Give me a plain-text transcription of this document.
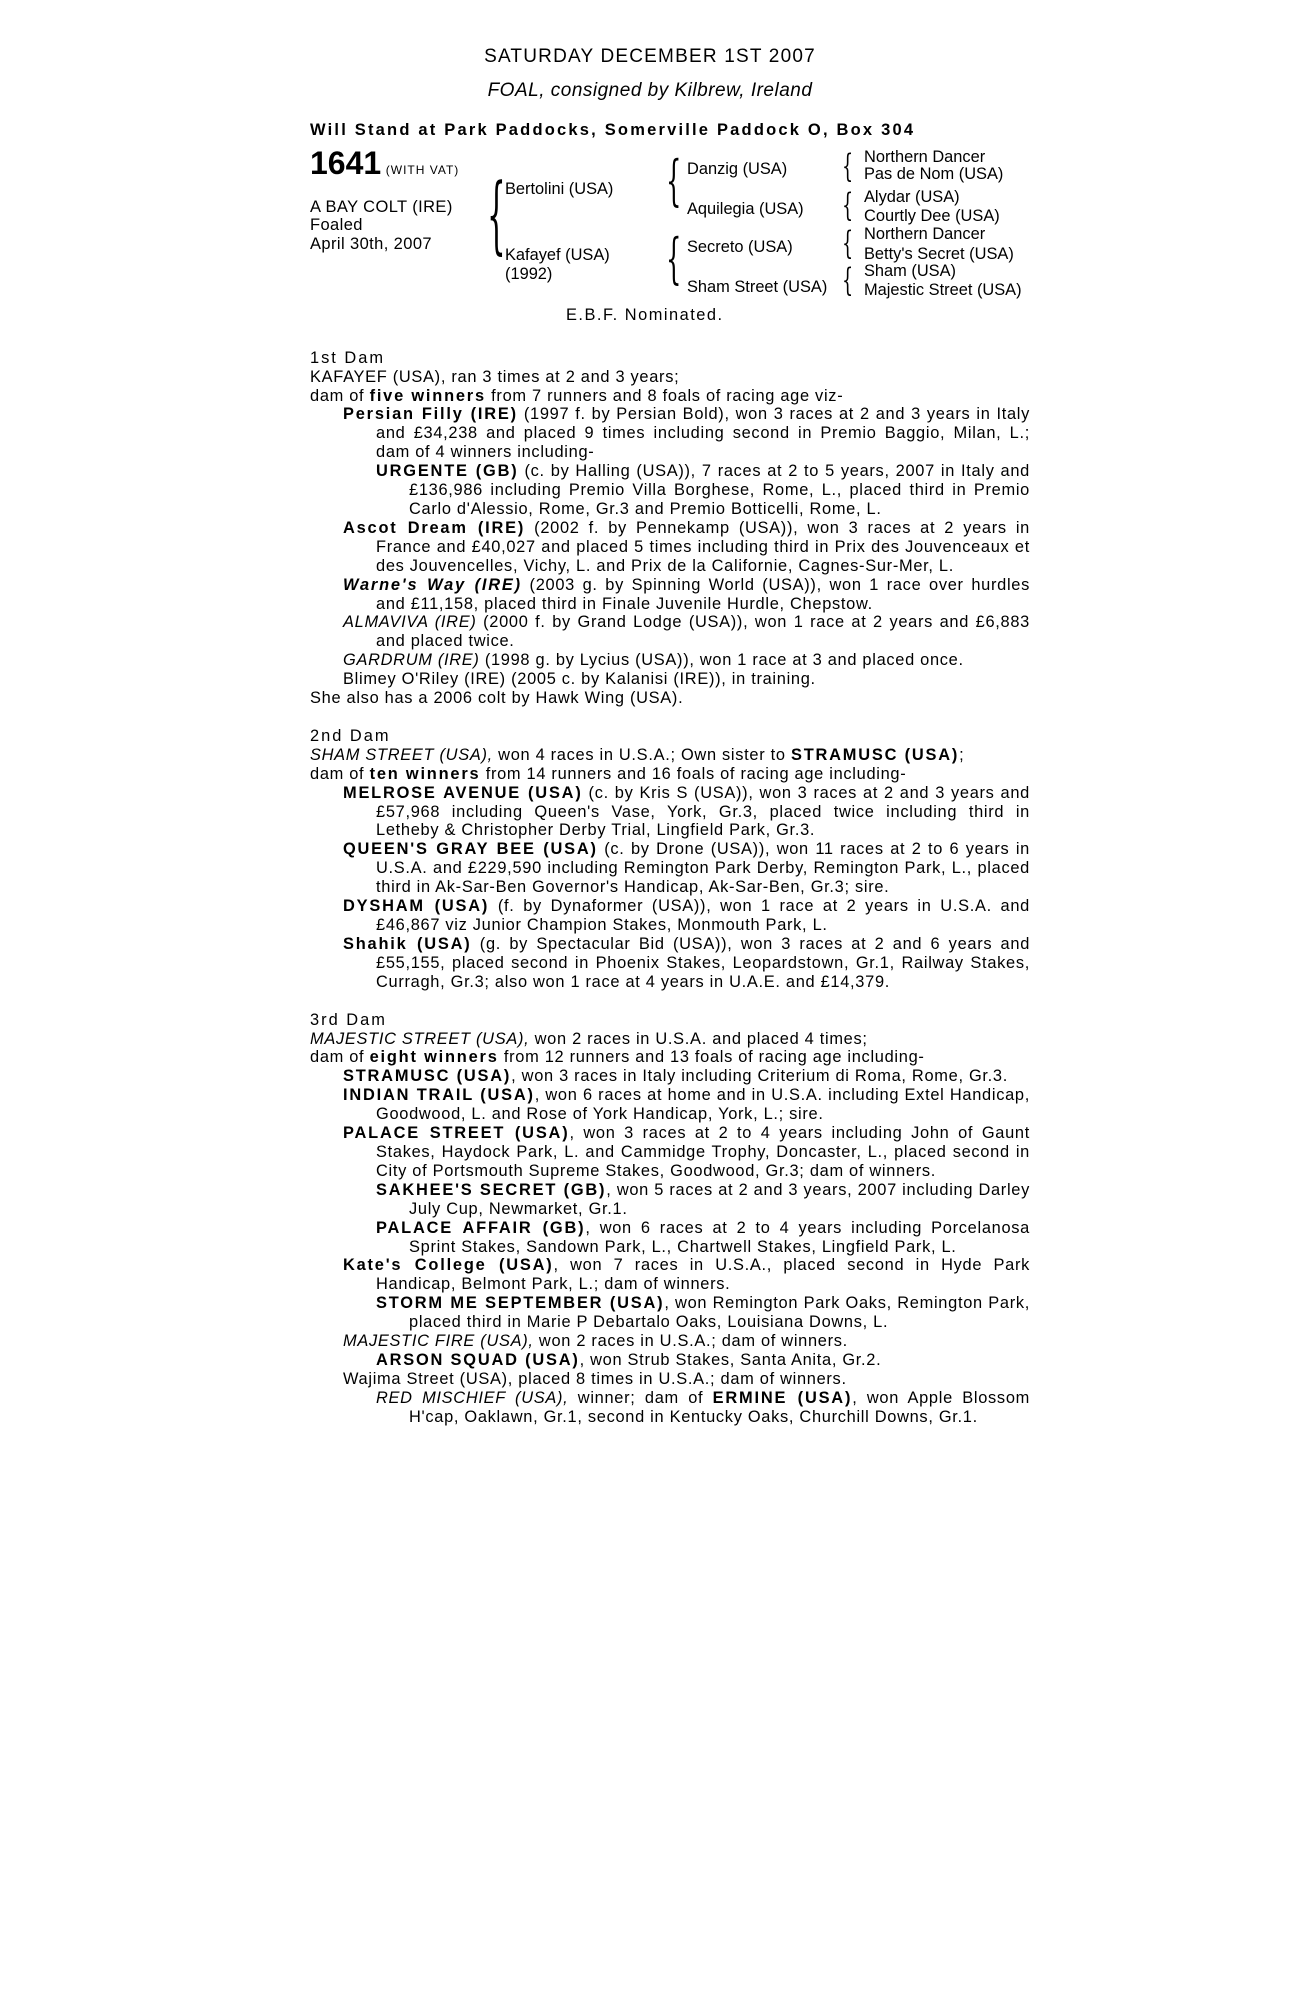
SATURDAY DECEMBER 1ST 2007
FOAL, consigned by Kilbrew, Ireland
Will Stand at Park Paddocks, Somerville Paddock O, Box 304
1641 (WITH VAT)
A BAY COLT (IRE)
Foaled
April 30th, 2007 { Bertolini (USA)
Kafayef (USA)
(1992)
{ Danzig (USA)
Aquilegia (USA)
{ Secreto (USA)
Sham Street (USA)
{ Northern Dancer
Pas de Nom (USA)
{ Alydar (USA)
Courtly Dee (USA)
{ Northern Dancer
Betty's Secret (USA)
{ Sham (USA)
Majestic Street (USA)
E.B.F. Nominated.

1st Dam

KAFAYEF (USA), ran 3 times at 2 and 3 years;

dam of five winners from 7 runners and 8 foals of racing age viz-

Persian Filly (IRE) (1997 f. by Persian Bold), won 3 races at 2 and 3 years in Italy and £34,238 and placed 9 times including second in Premio Baggio, Milan, L.; dam of 4 winners including-

URGENTE (GB) (c. by Halling (USA)), 7 races at 2 to 5 years, 2007 in Italy and £136,986 including Premio Villa Borghese, Rome, L., placed third in Premio Carlo d'Alessio, Rome, Gr.3 and Premio Botticelli, Rome, L.

Ascot Dream (IRE) (2002 f. by Pennekamp (USA)), won 3 races at 2 years in France and £40,027 and placed 5 times including third in Prix des Jouvenceaux et des Jouvencelles, Vichy, L. and Prix de la Californie, Cagnes-Sur-Mer, L.

Warne's Way (IRE) (2003 g. by Spinning World (USA)), won 1 race over hurdles and £11,158, placed third in Finale Juvenile Hurdle, Chepstow.

ALMAVIVA (IRE) (2000 f. by Grand Lodge (USA)), won 1 race at 2 years and £6,883 and placed twice.

GARDRUM (IRE) (1998 g. by Lycius (USA)), won 1 race at 3 and placed once.

Blimey O'Riley (IRE) (2005 c. by Kalanisi (IRE)), in training.

She also has a 2006 colt by Hawk Wing (USA).

2nd Dam

SHAM STREET (USA), won 4 races in U.S.A.; Own sister to STRAMUSC (USA);

dam of ten winners from 14 runners and 16 foals of racing age including-

MELROSE AVENUE (USA) (c. by Kris S (USA)), won 3 races at 2 and 3 years and £57,968 including Queen's Vase, York, Gr.3, placed twice including third in Letheby & Christopher Derby Trial, Lingfield Park, Gr.3.

QUEEN'S GRAY BEE (USA) (c. by Drone (USA)), won 11 races at 2 to 6 years in U.S.A. and £229,590 including Remington Park Derby, Remington Park, L., placed third in Ak-Sar-Ben Governor's Handicap, Ak-Sar-Ben, Gr.3; sire.

DYSHAM (USA) (f. by Dynaformer (USA)), won 1 race at 2 years in U.S.A. and £46,867 viz Junior Champion Stakes, Monmouth Park, L.

Shahik (USA) (g. by Spectacular Bid (USA)), won 3 races at 2 and 6 years and £55,155, placed second in Phoenix Stakes, Leopardstown, Gr.1, Railway Stakes, Curragh, Gr.3; also won 1 race at 4 years in U.A.E. and £14,379.

3rd Dam

MAJESTIC STREET (USA), won 2 races in U.S.A. and placed 4 times;

dam of eight winners from 12 runners and 13 foals of racing age including-

STRAMUSC (USA), won 3 races in Italy including Criterium di Roma, Rome, Gr.3.

INDIAN TRAIL (USA), won 6 races at home and in U.S.A. including Extel Handicap, Goodwood, L. and Rose of York Handicap, York, L.; sire.

PALACE STREET (USA), won 3 races at 2 to 4 years including John of Gaunt Stakes, Haydock Park, L. and Cammidge Trophy, Doncaster, L., placed second in City of Portsmouth Supreme Stakes, Goodwood, Gr.3; dam of winners.

SAKHEE'S SECRET (GB), won 5 races at 2 and 3 years, 2007 including Darley July Cup, Newmarket, Gr.1.

PALACE AFFAIR (GB), won 6 races at 2 to 4 years including Porcelanosa Sprint Stakes, Sandown Park, L., Chartwell Stakes, Lingfield Park, L.

Kate's College (USA), won 7 races in U.S.A., placed second in Hyde Park Handicap, Belmont Park, L.; dam of winners.

STORM ME SEPTEMBER (USA), won Remington Park Oaks, Remington Park, placed third in Marie P Debartalo Oaks, Louisiana Downs, L.

MAJESTIC FIRE (USA), won 2 races in U.S.A.; dam of winners.

ARSON SQUAD (USA), won Strub Stakes, Santa Anita, Gr.2.

Wajima Street (USA), placed 8 times in U.S.A.; dam of winners.

RED MISCHIEF (USA), winner; dam of ERMINE (USA), won Apple Blossom H'cap, Oaklawn, Gr.1, second in Kentucky Oaks, Churchill Downs, Gr.1.
